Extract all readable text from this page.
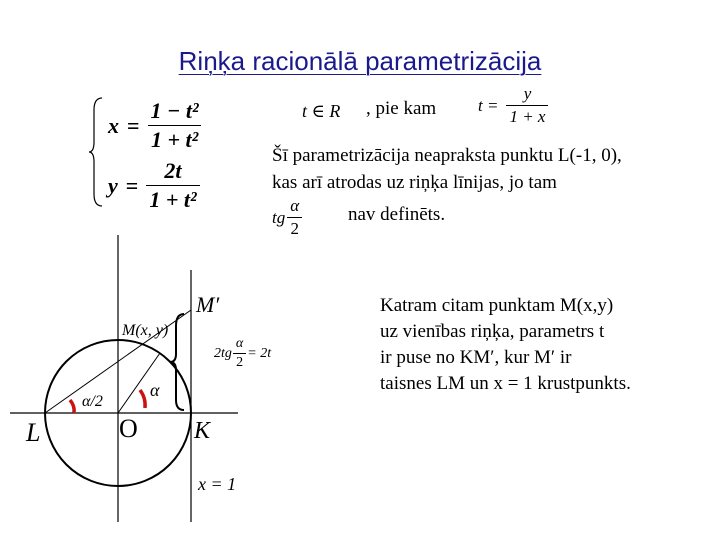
Riņķa racionālā parametrizācija
$x = \frac{\text{1 − t²}}{\text{1 + t²}}$
$y = \frac{2t}{\text{1 + t²}}$
t ∈ R , pie kam $t = \frac{y}{1 + x}$
Šī parametrizācija neapraksta punktu L(-1, 0),
kas arī atrodas uz riņķa līnijas, jo tam
tg $\frac{\alpha}{2}$ nav definēts.
Katram citam punktam M(x,y)
uz vienības riņķa, parametrs t
ir puse no KM′, kur M′ ir
taisnes LM un x = 1 krustpunkts.
M′
M(x, y)
α/2
α
O K
L
x = 1
$2tg \frac{\alpha}{2} = 2t$
